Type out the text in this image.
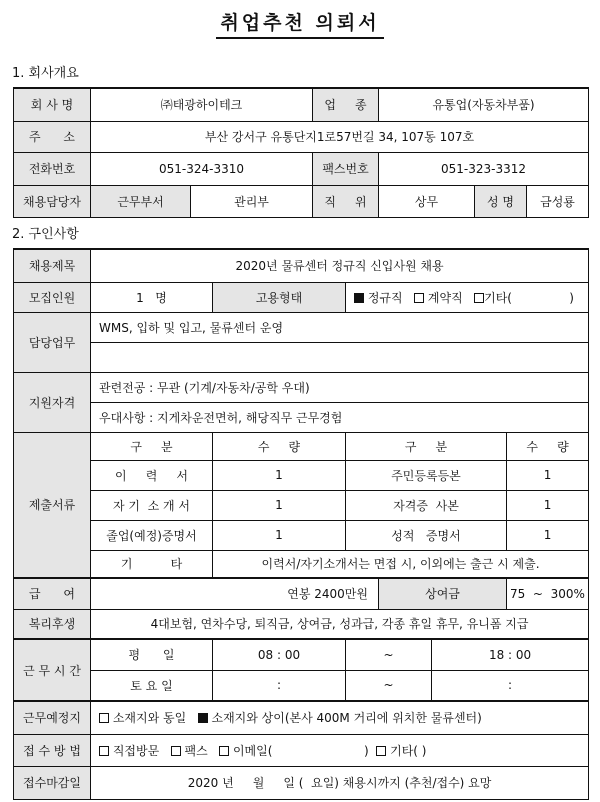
취업추천 의뢰서
1. 회사개요
회 사 명	㈜태광하이테크		업     종	유통업(자동차부품)		
주      소	부산 강서구 유통단지1로57번길 34, 107동 107호					
전화번호	051-324-3310		팩스번호	051-323-3312		
채용담당자	근무부서	관리부	직     위	상무	성 명	금성룡
2. 구인사항
채용제목	2020년 물류센터 정규직 신입사원 채용					
모집인원	1   명	고용형태	정규직 계약직 기타(               )			
담당업무	WMS, 입하 및 입고, 물류센터 운영					

지원자격	관련전공 : 무관 (기계/자동차/공학 우대)					
	우대사항 : 지게차운전면허, 해당직무 근무경험					
제출서류	구     분	수     량	구     분			수     량
	이     력     서	1	주민등록등본			1
	자 기  소 개 서	1	자격증  사본			1
	졸업(예정)증명서	1	성적   증명서			1
	기          타	이력서/자기소개서는 면접 시, 이외에는 출근 시 제출.				
급      여	연봉 2400만원			상여금		75  ~  300%
복리후생	4대보험, 연차수당, 퇴직금, 상여금, 성과급, 각종 휴일 휴무, 유니폼 지급					
근 무 시 간	평      일	08 : 00	~		18 : 00	
	토 요 일	:	~		:	
근무예정지	소재지와 동일 소재지와 상이(본사 400M 거리에 위치한 물류센터)					
접 수 방 법	직접방문 팩스 이메일(                        ) 기타( )					
접수마감일	2020 년     월     일 (  요일) 채용시까지 (추천/접수) 요망					
